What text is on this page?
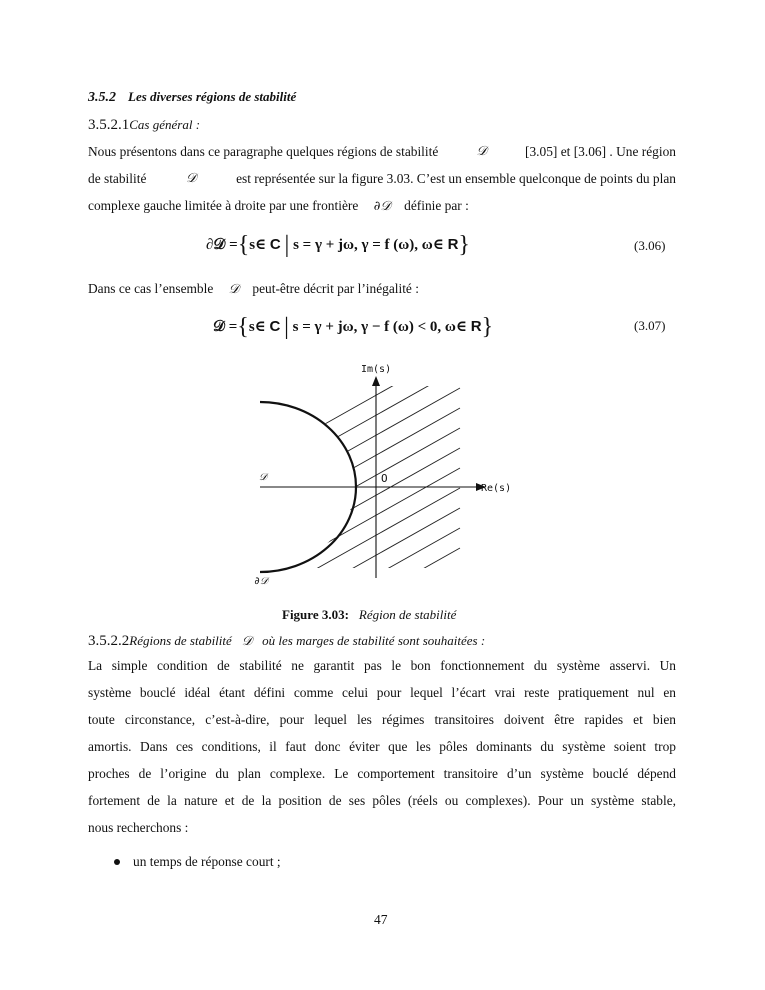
3.5.2 Les diverses régions de stabilité
3.5.2.1Cas général :
Nous présentons dans ce paragraphe quelques régions de stabilité	𝒟	[3.05] et [3.06] . Une région
de stabilité	𝒟	est représentée sur la figure 3.03. C’est un ensemble quelconque de points du plan
complexe gauche limitée à droite par une frontière ∂𝒟 définie par :
∂𝒟 ={s∈ C | s = γ + jω, γ = f (ω), ω∈ R}	(3.06)
Dans ce cas l’ensemble 𝒟 peut-être décrit par l’inégalité :
𝒟 ={s∈ C | s = γ + jω, γ − f (ω) < 0, ω∈ R}	(3.07)
Im(s)
Re(s)
O
𝒟
∂𝒟
Figure 3.03: Région de stabilité
3.5.2.2Régions de stabilité 𝒟 où les marges de stabilité sont souhaitées :
La simple condition de stabilité ne garantit pas le bon fonctionnement du système asservi. Un
système bouclé idéal étant défini comme celui pour lequel l’écart vrai reste pratiquement nul en
toute circonstance, c’est-à-dire, pour lequel les régimes transitoires doivent être rapides et bien
amortis. Dans ces conditions, il faut donc éviter que les pôles dominants du système soient trop
proches de l’origine du plan complexe. Le comportement transitoire d’un système bouclé dépend
fortement de la nature et de la position de ses pôles (réels ou complexes). Pour un système stable,
nous recherchons :
un temps de réponse court ;
47
